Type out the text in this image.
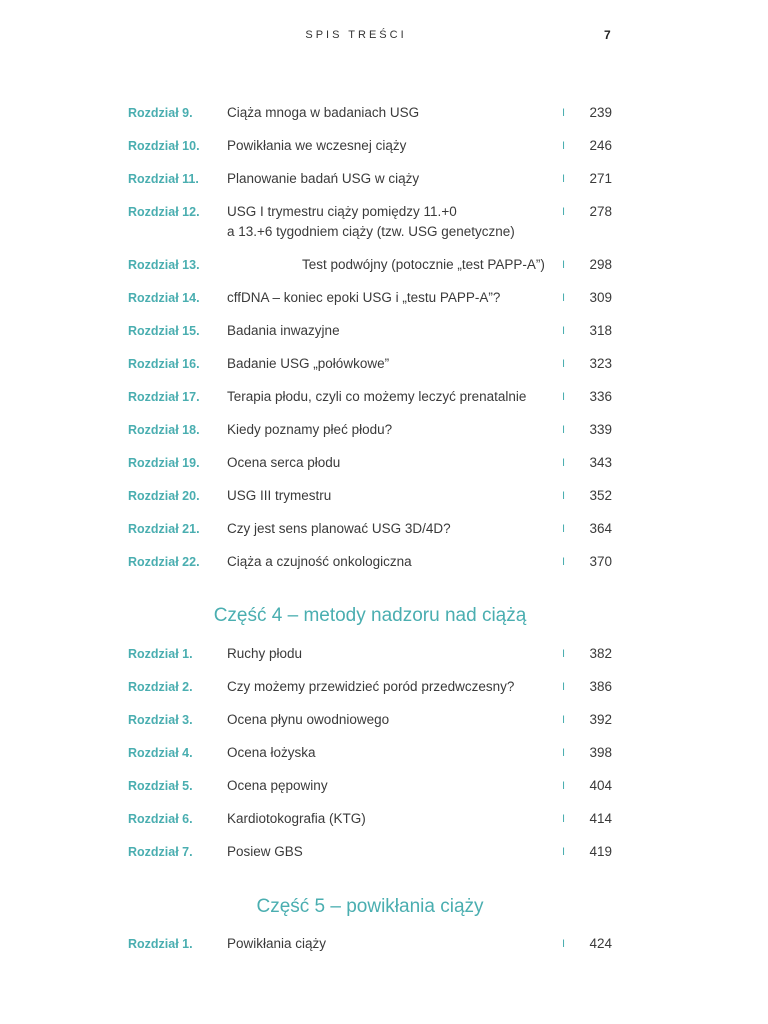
SPIS TREŚCI	7
Rozdział 9.	Ciąża mnoga w badaniach USG	I	239
Rozdział 10. Powikłania we wczesnej ciąży	I	246
Rozdział 11. Planowanie badań USG w ciąży	I	271
Rozdział 12. USG I trymestru ciąży pomiędzy 11.+0
a 13.+6 tygodniem ciąży (tzw. USG genetyczne)
I	278
Rozdział 13.	Test podwójny (potocznie „test PAPP-A”) I	298
Rozdział 14. cffDNA – koniec epoki USG i „testu PAPP-A”?	I	309
Rozdział 15. Badania inwazyjne	I	318
Rozdział 16. Badanie USG „połówkowe”	I	323
Rozdział 17. Terapia płodu, czyli co możemy leczyć prenatalnie	I	336
Rozdział 18. Kiedy poznamy płeć płodu?	I	339
Rozdział 19. Ocena serca płodu	I	343
Rozdział 20. USG III trymestru	I	352
Rozdział 21. Czy jest sens planować USG 3D/4D?	I	364
Rozdział 22. Ciąża a czujność onkologiczna	I	370
Część 4 – metody nadzoru nad ciążą
Rozdział 1.	Ruchy płodu	I	382
Rozdział 2.	Czy możemy przewidzieć poród przedwczesny?	I	386
Rozdział 3.	Ocena płynu owodniowego	I	392
Rozdział 4.	Ocena łożyska	I	398
Rozdział 5.	Ocena pępowiny	I	404
Rozdział 6.	Kardiotokografia (KTG)	I	414
Rozdział 7.	Posiew GBS	I	419
Część 5 – powikłania ciąży
Rozdział 1.	Powikłania ciąży	I	424
